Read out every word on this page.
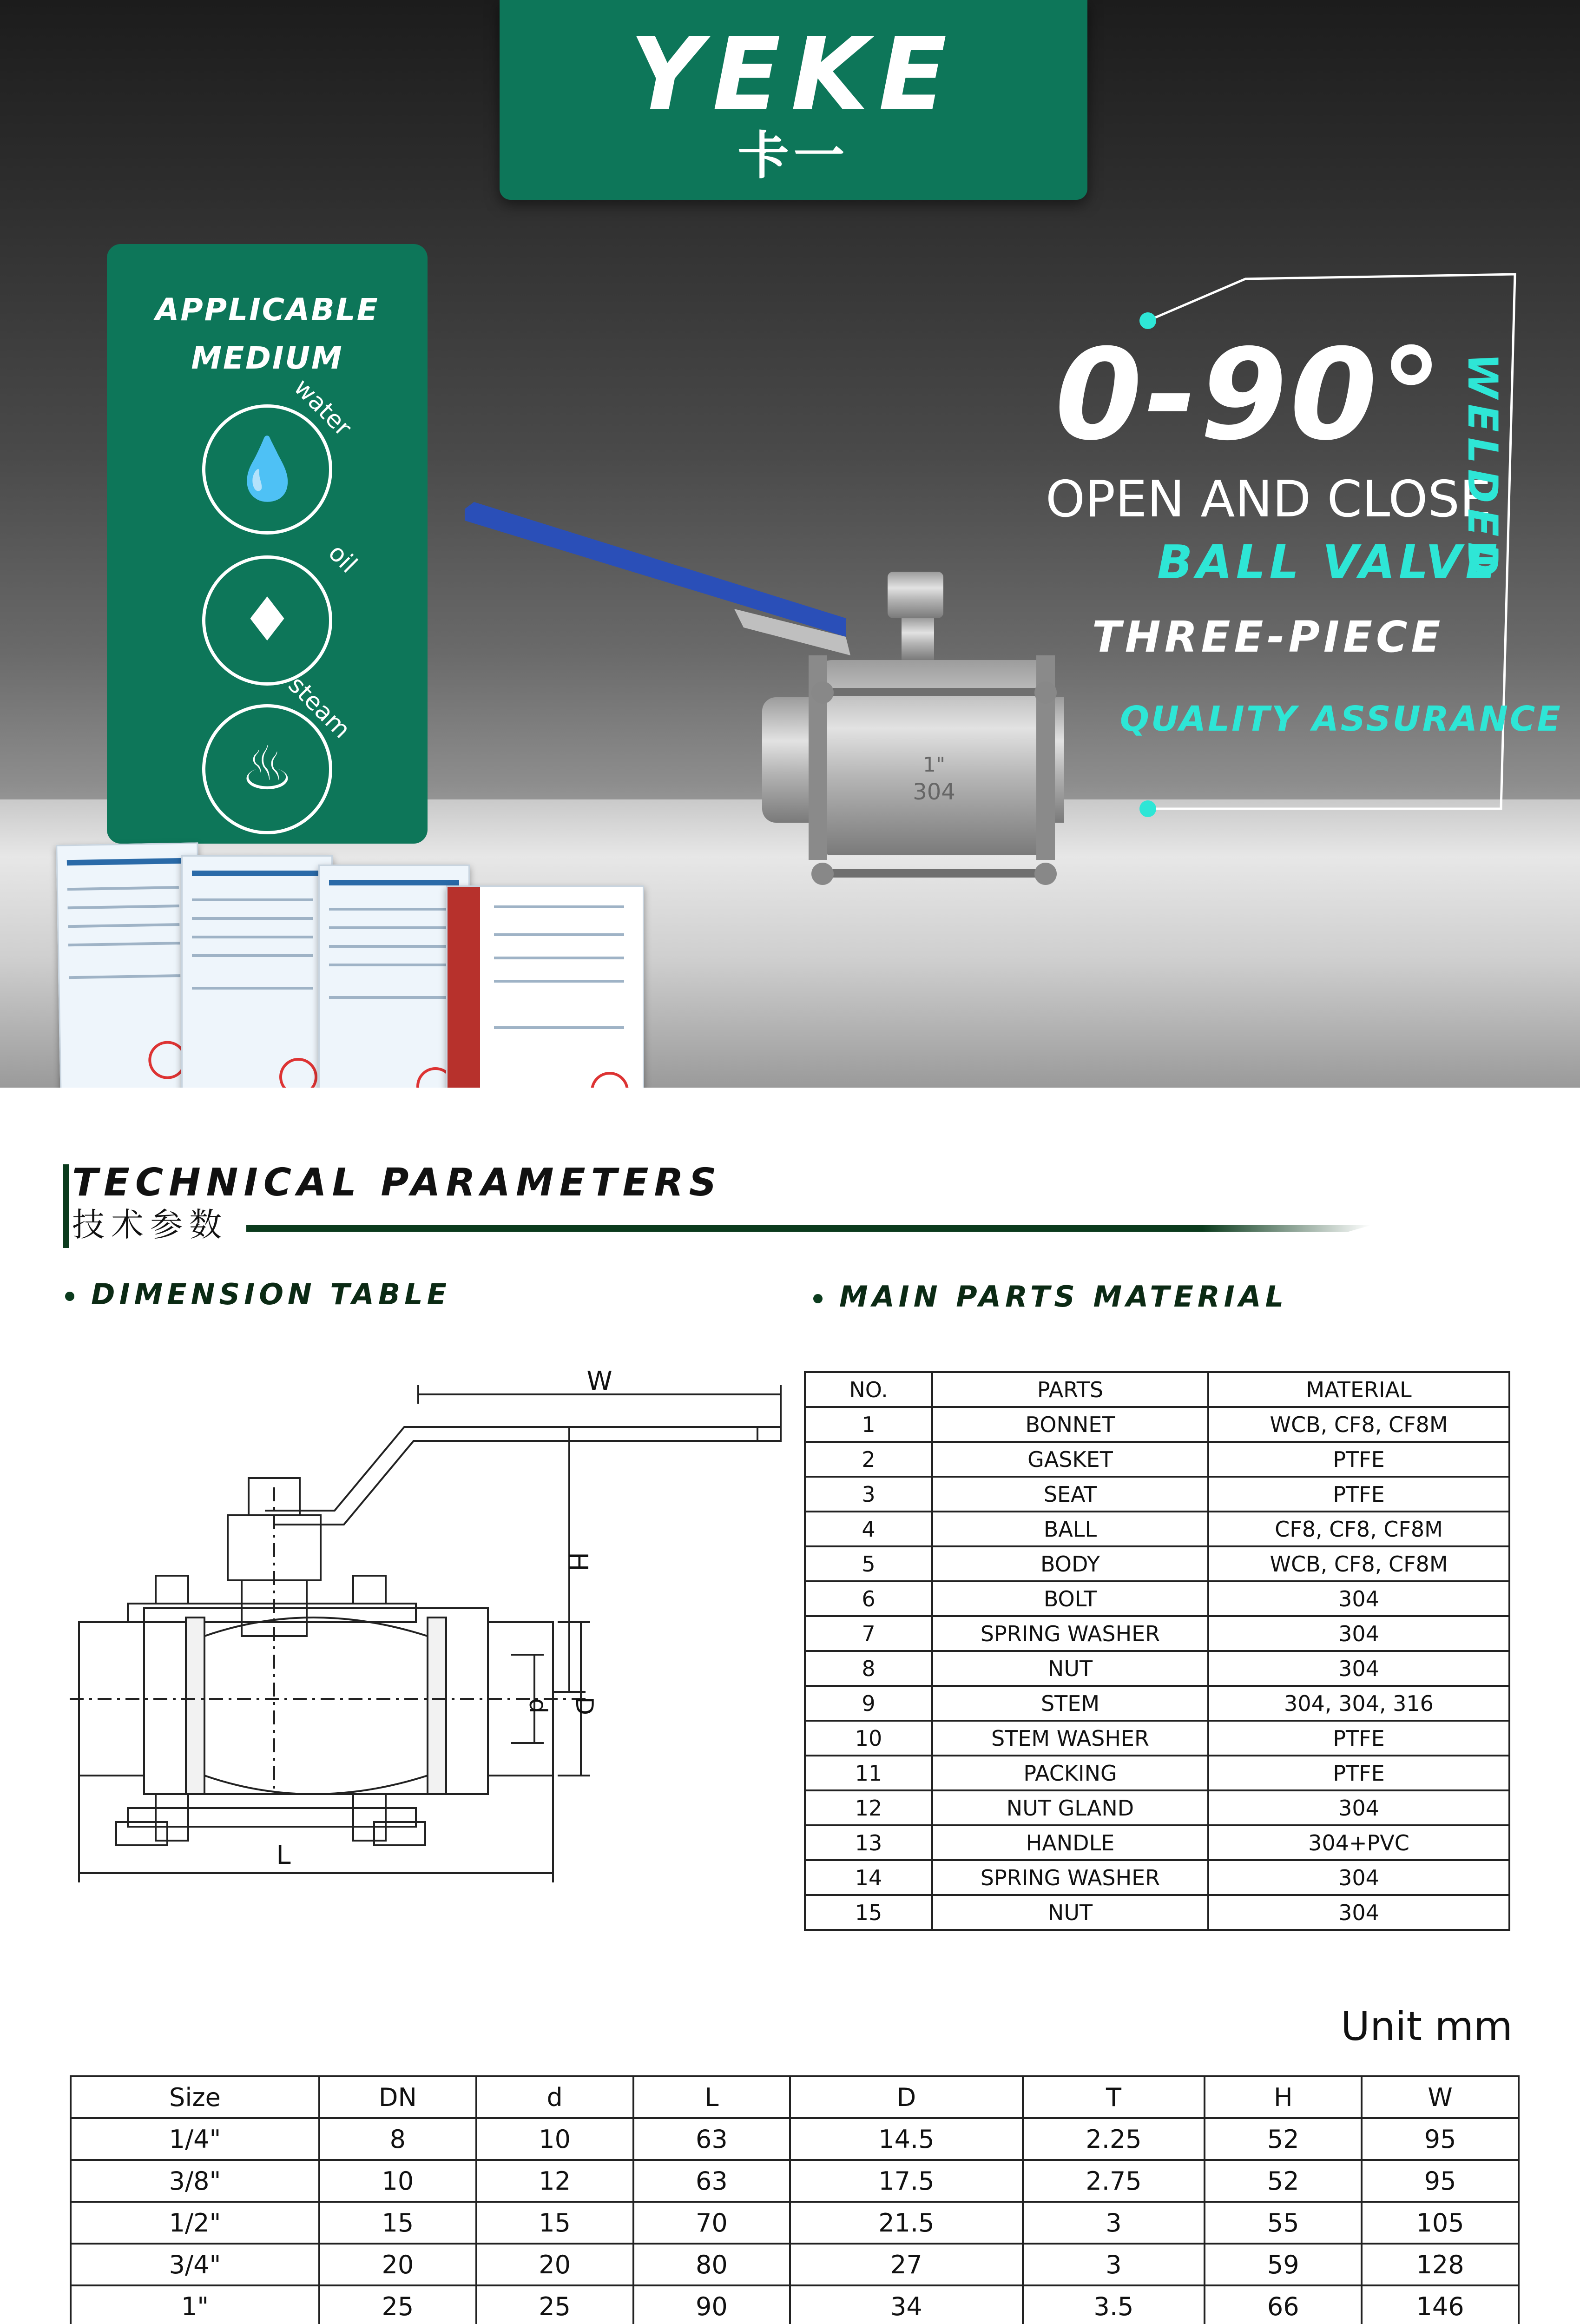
YEKE
卡一
APPLICABLE
MEDIUM
💧
water
♦
oil
♨
steam
1"
304
0-90°
OPEN AND CLOSE
BALL VALVE
THREE-PIECE
QUALITY ASSURANCE
WELDED
TECHNICAL PARAMETERS
技术参数
DIMENSION TABLE	MAIN PARTS MATERIAL
W
H
d D
L
NO.	PARTS	MATERIAL
1	BONNET	WCB, CF8, CF8M
2	GASKET	PTFE
3	SEAT	PTFE
4	BALL	CF8, CF8, CF8M
5	BODY	WCB, CF8, CF8M
6	BOLT	304
7	SPRING WASHER	304
8	NUT	304
9	STEM	304, 304, 316
10	STEM WASHER	PTFE
11	PACKING	PTFE
12	NUT GLAND	304
13	HANDLE	304+PVC
14	SPRING WASHER	304
15	NUT	304
Unit mm
Size	DN	d	L	D	T	H	W
1/4"	8	10	63	14.5	2.25	52	95
3/8"	10	12	63	17.5	2.75	52	95
1/2"	15	15	70	21.5	3	55	105
3/4"	20	20	80	27	3	59	128
1"	25	25	90	34	3.5	66	146
